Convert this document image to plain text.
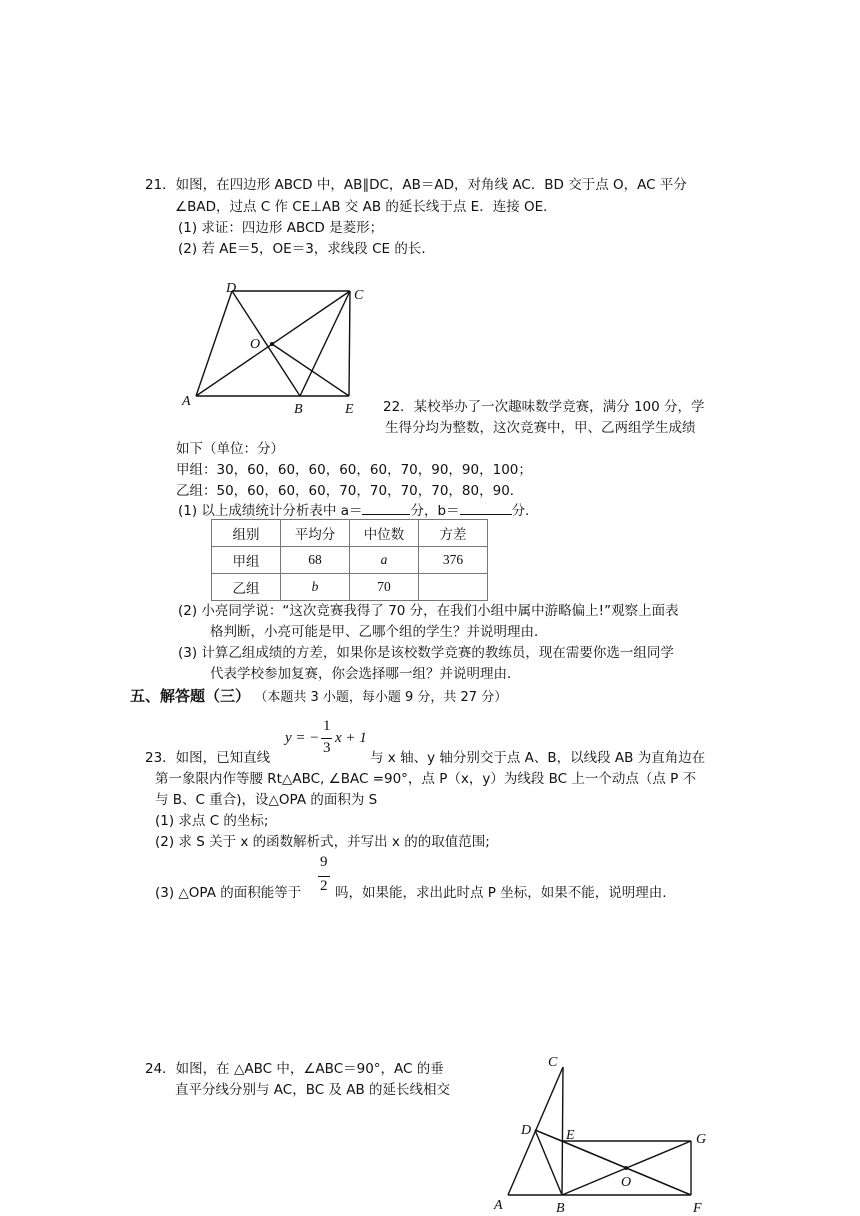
21．如图，在四边形 ABCD 中，AB∥DC，AB＝AD，对角线 AC．BD 交于点 O，AC 平分
∠BAD，过点 C 作 CE⊥AB 交 AB 的延长线于点 E．连接 OE．
(1) 求证：四边形 ABCD 是菱形；
(2) 若 AE＝5，OE＝3，求线段 CE 的长．
D	C
O
A
B	E 22．某校举办了一次趣味数学竞赛，满分 100 分，学
生得分均为整数，这次竞赛中，甲、乙两组学生成绩
如下（单位：分）
甲组：30，60，60，60，60，60，70，90，90，100；
乙组：50，60，60，60，70，70，70，70，80，90．
(1) 以上成绩统计分析表中 a＝	分，b＝	分.
组别	平均分	中位数	方差
甲组	68	a	376
乙组	b	70	
(2) 小亮同学说：“这次竞赛我得了 70 分，在我们小组中属中游略偏上!”观察上面表
格判断，小亮可能是甲、乙哪个组的学生？并说明理由．
(3) 计算乙组成绩的方差，如果你是该校数学竞赛的教练员，现在需要你选一组同学
代表学校参加复赛，你会选择哪一组？并说明理由．
五、解答题（三） （本题共 3 小题，每小题 9 分，共 27 分）
y = −
1
3
x + 1
23．如图，已知直线	与 x 轴、y 轴分别交于点 A、B，以线段 AB 为直角边在
第一象限内作等腰 Rt△ABC, ∠BAC =90°，点 P（x，y）为线段 BC 上一个动点（点 P 不
与 B、C 重合)，设△OPA 的面积为 S
(1) 求点 C 的坐标;
(2) 求 S 关于 x 的函数解析式，并写出 x 的的取值范围;
(3) △OPA 的面积能等于
9
2 吗，如果能，求出此时点 P 坐标，如果不能，说明理由.
24．如图，在 △ABC 中，∠ABC＝90°，AC 的垂
直平分线分别与 AC，BC 及 AB 的延长线相交
C
D E	G
O
A	B	F
